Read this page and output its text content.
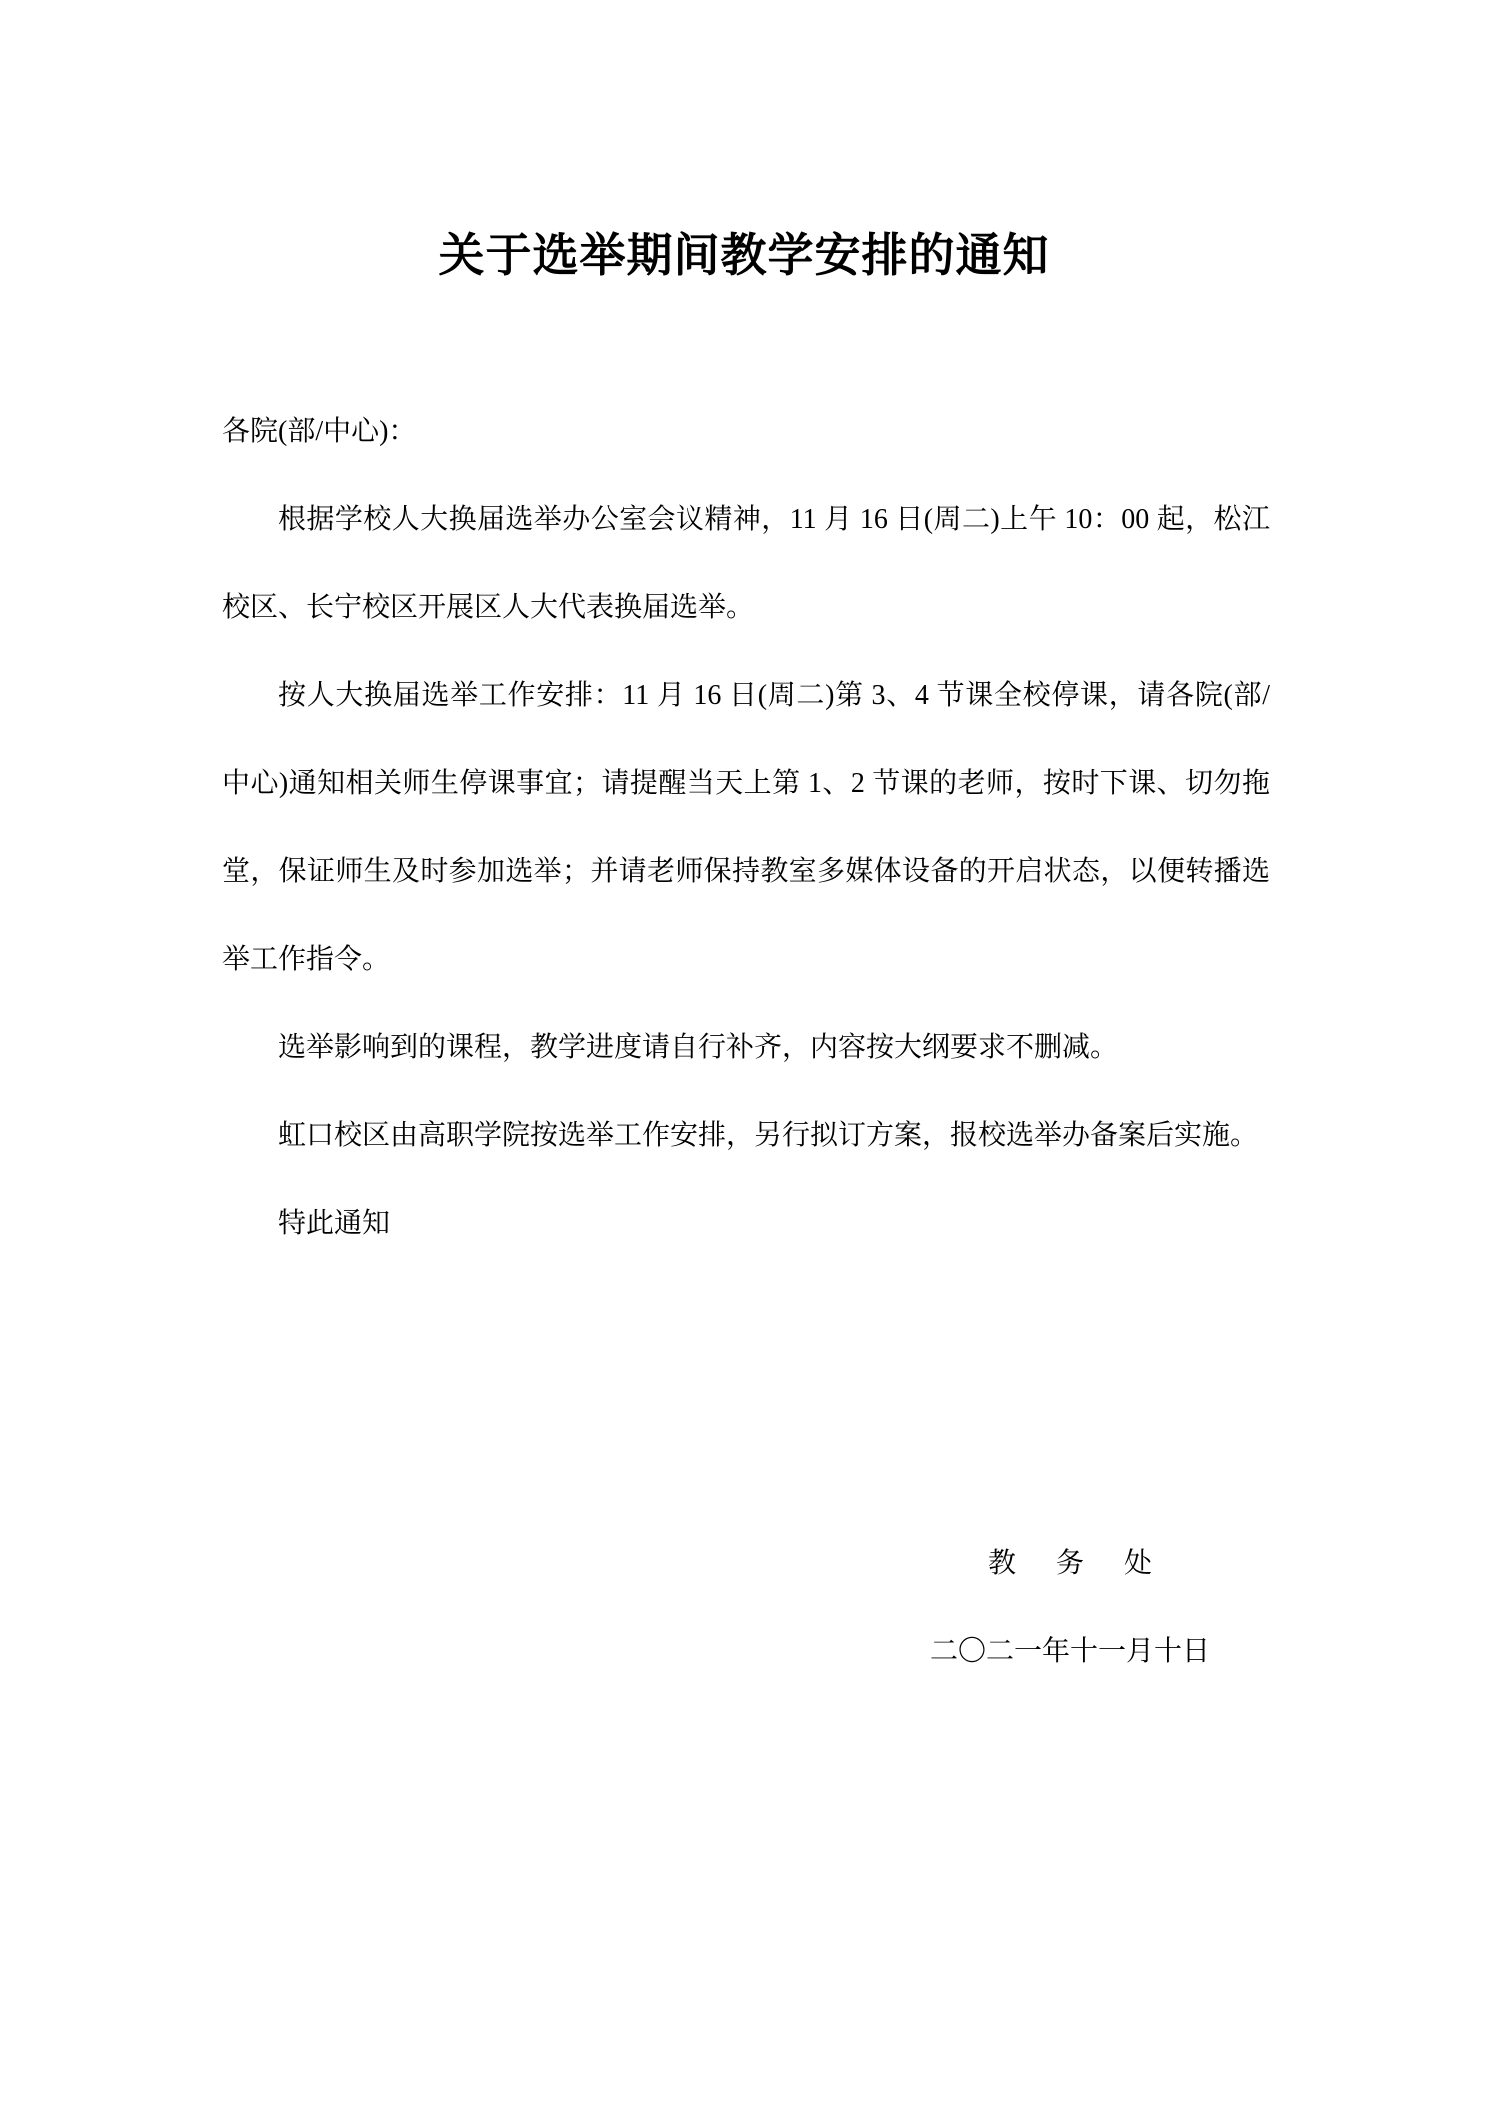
关于选举期间教学安排的通知

各院(部/中心)：

根据学校人大换届选举办公室会议精神，11 月 16 日(周二)上午 10：00 起，松江校区、长宁校区开展区人大代表换届选举。

按人大换届选举工作安排：11 月 16 日(周二)第 3、4 节课全校停课，请各院(部/中心)通知相关师生停课事宜；请提醒当天上第 1、2 节课的老师，按时下课、切勿拖堂，保证师生及时参加选举；并请老师保持教室多媒体设备的开启状态，以便转播选举工作指令。

选举影响到的课程，教学进度请自行补齐，内容按大纲要求不删减。

虹口校区由高职学院按选举工作安排，另行拟订方案，报校选举办备案后实施。

特此通知

教　务　处
二〇二一年十一月十日
